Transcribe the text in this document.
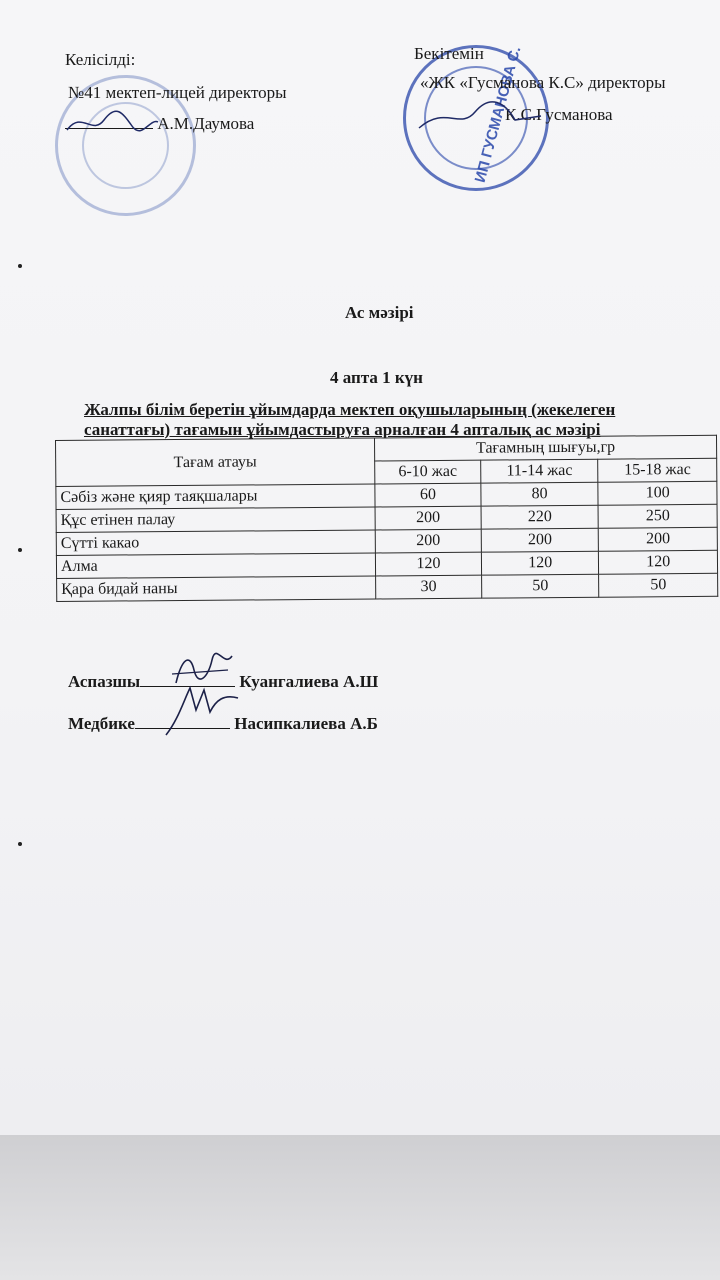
ИП ГУСМАНОВА С.
Келісілді:
№41 мектеп-лицей директоры
А.М.Даумова
Бекітемін
«ЖК «Гусманова К.С» директоры
К.С.Гусманова
Ас мәзірі
4 апта 1 күн
Жалпы білім беретін ұйымдарда мектеп оқушыларының (жекелеген
санаттағы) тағамын ұйымдастыруға арналған 4 апталық ас мәзірі
Тағам атауы	Тағамның шығуы,гр		
	6-10 жас	11-14 жас	15-18 жас
Сәбіз және қияр таяқшалары	60	80	100
Құс етінен палау	200	220	250
Сүтті какао	200	200	200
Алма	120	120	120
Қара бидай наны	30	50	50
Аспазшы	Куангалиева А.Ш
Медбике	Насипкалиева А.Б
